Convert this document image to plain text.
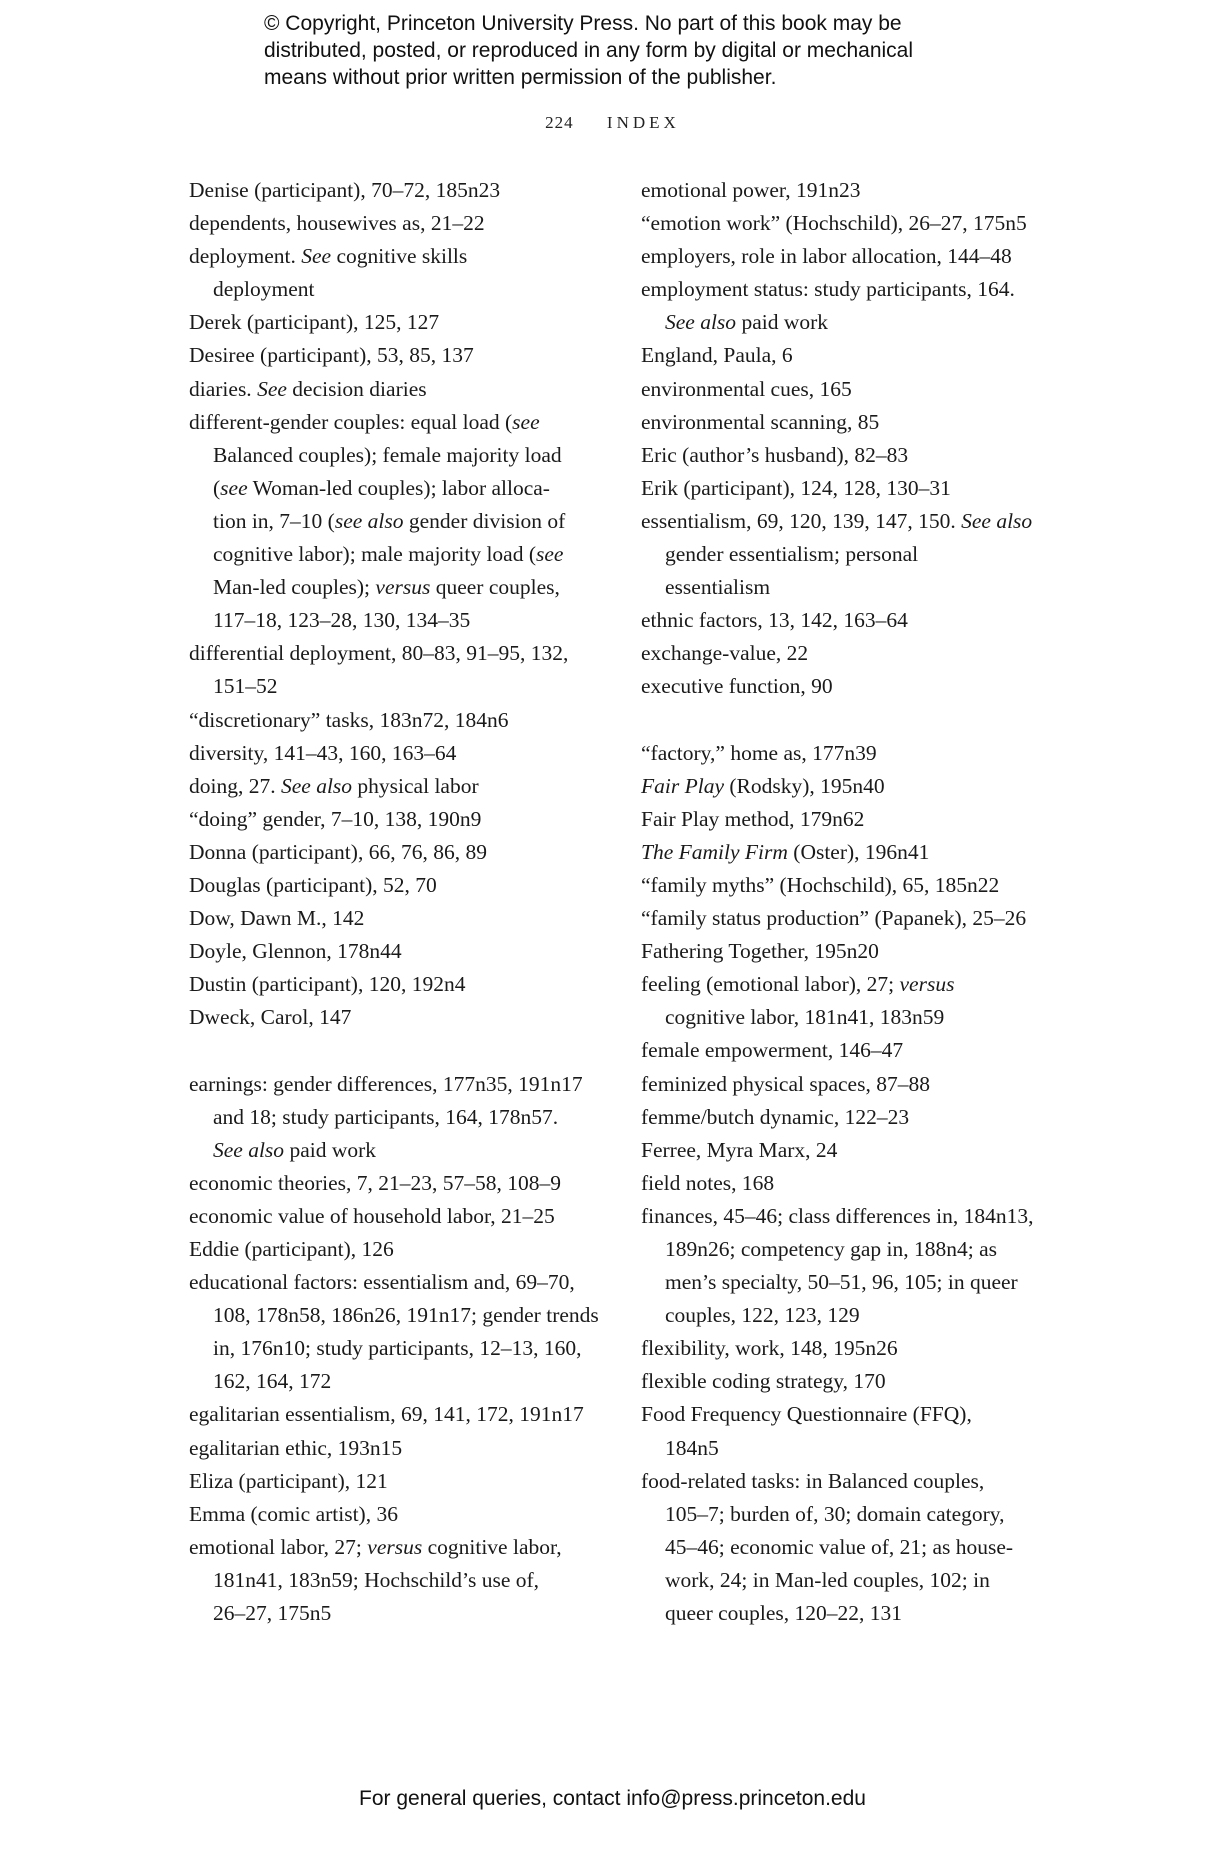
© Copyright, Princeton University Press. No part of this book may be
distributed, posted, or reproduced in any form by digital or mechanical
means without prior written permission of the publisher.
224 INDEX
Denise (participant), 70–72, 185n23
dependents, housewives as, 21–22
deployment. See cognitive skills
deployment
Derek (participant), 125, 127
Desiree (participant), 53, 85, 137
diaries. See decision diaries
different-gender couples: equal load (see
Balanced couples); female majority load
(see Woman-led couples); labor alloca-
tion in, 7–10 (see also gender division of
cognitive labor); male majority load (see
Man-led couples); versus queer couples,
117–18, 123–28, 130, 134–35
differential deployment, 80–83, 91–95, 132,
151–52
“discretionary” tasks, 183n72, 184n6
diversity, 141–43, 160, 163–64
doing, 27. See also physical labor
“doing” gender, 7–10, 138, 190n9
Donna (participant), 66, 76, 86, 89
Douglas (participant), 52, 70
Dow, Dawn M., 142
Doyle, Glennon, 178n44
Dustin (participant), 120, 192n4
Dweck, Carol, 147
earnings: gender differences, 177n35, 191n17
and 18; study participants, 164, 178n57.
See also paid work
economic theories, 7, 21–23, 57–58, 108–9
economic value of household labor, 21–25
Eddie (participant), 126
educational factors: essentialism and, 69–70,
108, 178n58, 186n26, 191n17; gender trends
in, 176n10; study participants, 12–13, 160,
162, 164, 172
egalitarian essentialism, 69, 141, 172, 191n17
egalitarian ethic, 193n15
Eliza (participant), 121
Emma (comic artist), 36
emotional labor, 27; versus cognitive labor,
181n41, 183n59; Hochschild’s use of,
26–27, 175n5
emotional power, 191n23
“emotion work” (Hochschild), 26–27, 175n5
employers, role in labor allocation, 144–48
employment status: study participants, 164.
See also paid work
England, Paula, 6
environmental cues, 165
environmental scanning, 85
Eric (author’s husband), 82–83
Erik (participant), 124, 128, 130–31
essentialism, 69, 120, 139, 147, 150. See also
gender essentialism; personal
essentialism
ethnic factors, 13, 142, 163–64
exchange-value, 22
executive function, 90
“factory,” home as, 177n39
Fair Play (Rodsky), 195n40
Fair Play method, 179n62
The Family Firm (Oster), 196n41
“family myths” (Hochschild), 65, 185n22
“family status production” (Papanek), 25–26
Fathering Together, 195n20
feeling (emotional labor), 27; versus
cognitive labor, 181n41, 183n59
female empowerment, 146–47
feminized physical spaces, 87–88
femme/butch dynamic, 122–23
Ferree, Myra Marx, 24
field notes, 168
finances, 45–46; class differences in, 184n13,
189n26; competency gap in, 188n4; as
men’s specialty, 50–51, 96, 105; in queer
couples, 122, 123, 129
flexibility, work, 148, 195n26
flexible coding strategy, 170
Food Frequency Questionnaire (FFQ),
184n5
food-related tasks: in Balanced couples,
105–7; burden of, 30; domain category,
45–46; economic value of, 21; as house-
work, 24; in Man-led couples, 102; in
queer couples, 120–22, 131
For general queries, contact info@press.princeton.edu
